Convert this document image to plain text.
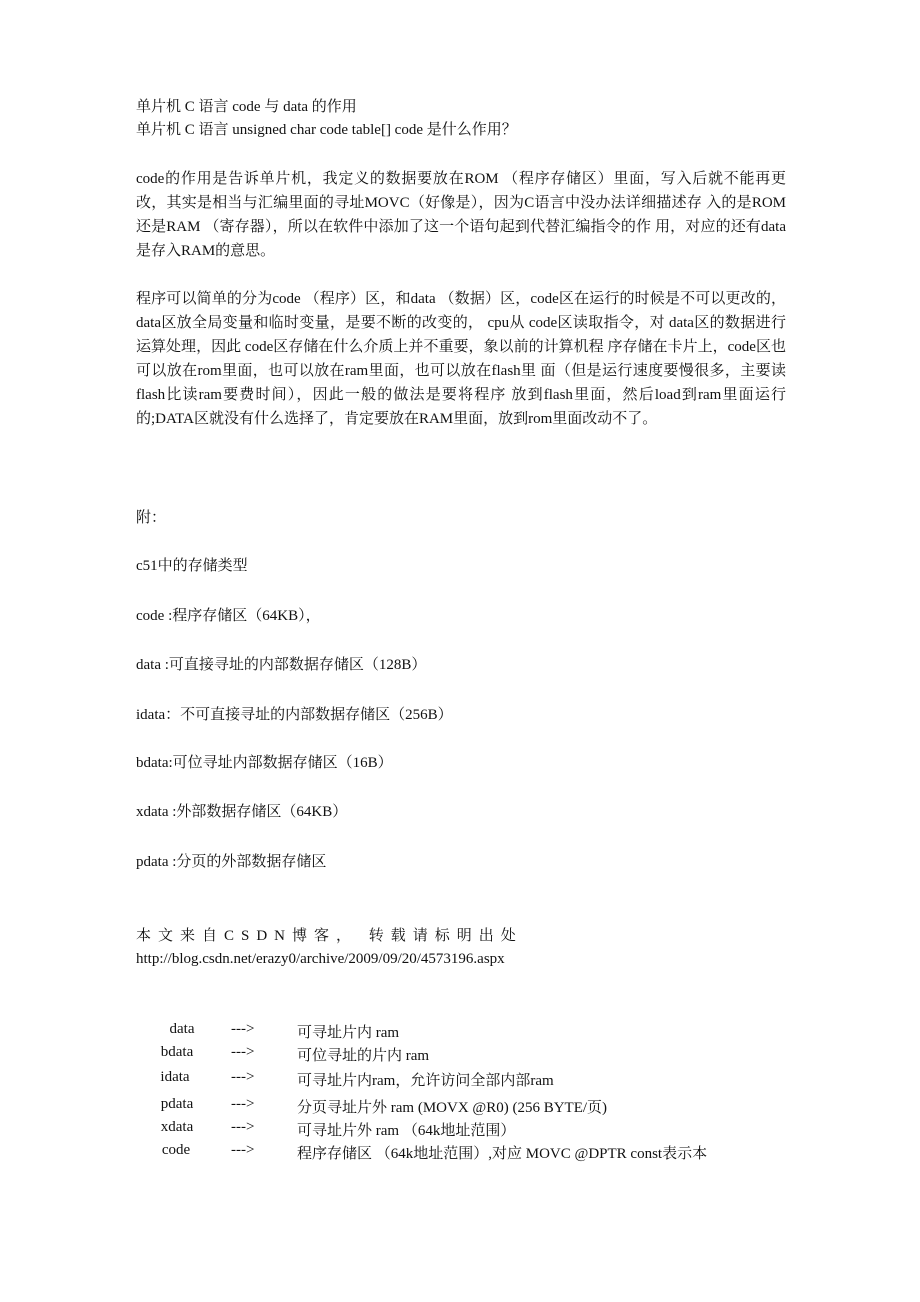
单片机 C 语言 code 与 data 的作用
单片机 C 语言 unsigned char code table[] code 是什么作用？
code的作用是告诉单片机，我定义的数据要放在ROM （程序存储区）里面，写入后就不能再更改，其实是相当与汇编里面的寻址MOVC（好像是），因为C语言中没办法详细描述存 入的是ROM还是RAM （寄存器），所以在软件中添加了这一个语句起到代替汇编指令的作 用，对应的还有data是存入RAM的意思。
程序可以简单的分为code （程序）区，和data （数据）区，code区在运行的时候是不可以更改的， data区放全局变量和临时变量，是要不断的改变的， cpu从 code区读取指令，对 data区的数据进行运算处理，因此 code区存储在什么介质上并不重要，象以前的计算机程 序存储在卡片上，code区也可以放在rom里面，也可以放在ram里面，也可以放在flash里 面（但是运行速度要慢很多，主要读flash比读ram要费时间），因此一般的做法是要将程序 放到flash里面，然后load到ram里面运行的;DATA区就没有什么选择了，肯定要放在RAM里面，放到rom里面改动不了。
附：
c51中的存储类型
code :程序存储区（64KB），
data :可直接寻址的内部数据存储区（128B）
idata：不可直接寻址的内部数据存储区（256B）
bdata:可位寻址内部数据存储区（16B）
xdata :外部数据存储区（64KB）
pdata :分页的外部数据存储区
本文来自CSDN博客， 转载请标明出处
http://blog.csdn.net/erazy0/archive/2009/09/20/4573196.aspx
data	--->	可寻址片内 ram
bdata	--->	可位寻址的片内 ram
idata	--->	可寻址片内ram，允许访问全部内部ram
pdata	--->	分页寻址片外 ram (MOVX @R0) (256 BYTE/页)
xdata	--->	可寻址片外 ram （64k地址范围）
code	--->	程序存储区 （64k地址范围）,对应 MOVC @DPTR const表示本
